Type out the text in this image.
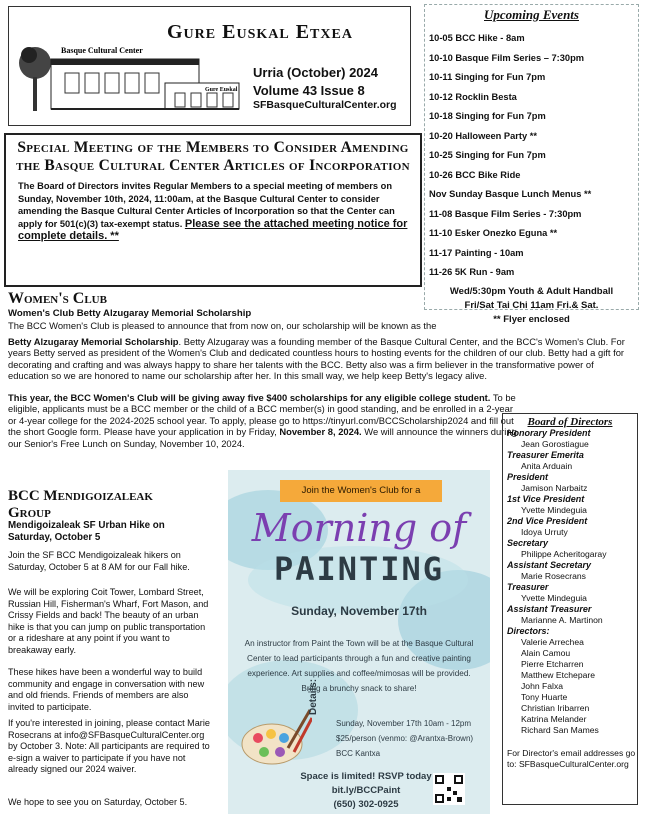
Basque Cultural Center
Gure Euskal
Gure Euskal Etxea
Urria (October) 2024
Volume 43 Issue 8
SFBasqueCulturalCenter.org
Upcoming Events
10-05 BCC Hike - 8am
10-10 Basque Film Series – 7:30pm
10-11 Singing for Fun 7pm
10-12 Rocklin Besta
10-18 Singing for Fun 7pm
10-20 Halloween Party **
10-25 Singing for Fun 7pm
10-26 BCC Bike Ride
Nov Sunday Basque Lunch Menus **
11-08 Basque Film Series - 7:30pm
11-10 Esker Onezko Eguna **
11-17 Painting - 10am
11-26 5K Run - 9am
Wed/5:30pm Youth & Adult Handball
Fri/Sat Tai Chi 11am Fri.& Sat.
** Flyer enclosed
Special Meeting of the Members to Consider Amending the Basque Cultural Center Articles of Incorporation
The Board of Directors invites Regular Members to a special meeting of members on Sunday, November 10th, 2024, 11:00am, at the Basque Cultural Center to consider amending the Basque Cultural Center Articles of Incorporation so that the Center can apply for 501(c)(3) tax-exempt status. Please see the attached meeting notice for complete details. **
Women's Club
Women's Club Betty Alzugaray Memorial Scholarship
The BCC Women's Club is pleased to announce that from now on, our scholarship will be known as the
Betty Alzugaray Memorial Scholarship. Betty Alzugaray was a founding member of the Basque Cultural Center, and the BCC's Women's Club. For years Betty served as president of the Women's Club and dedicated countless hours to hosting events for the children of our club. Betty had a gift for decorating and crafting and was always happy to share her talents with the BCC. Betty also was a firm believer in the transformative power of education so we are honored to name our scholarship after her. In this small way, we help keep Betty's legacy alive.
This year, the BCC Women's Club will be giving away five $400 scholarships for any eligible college student. To be eligible, applicants must be a BCC member or the child of a BCC member(s) in good standing, and be enrolled in a 2-year or 4-year college for the 2024-2025 school year. To apply, please go to https://tinyurl.com/BCCScholarship2024 and fill out the short Google form. Please have your application in by Friday, November 8, 2024. We will announce the winners during our Senior's Free Lunch on Sunday, November 10, 2024.
Board of Directors
Honorary President
Jean Gorostiague
Treasurer Emerita
Anita Arduain
President
Jamison Narbaitz
1st Vice President
Yvette Mindeguia
2nd Vice President
Idoya Urruty
Secretary
Philippe Acheritogaray
Assistant Secretary
Marie Rosecrans
Treasurer
Yvette Mindeguia
Assistant Treasurer
Marianne A. Martinon
Directors:
Valerie Arrechea
Alain Camou
Pierre Etcharren
Matthew Etchepare
John Falxa
Tony Huarte
Christian Iribarren
Katrina Melander
Richard San Mames
For Director's email addresses go to: SFBasqueCulturalCenter.org
BCC Mendigoizaleak
Group
Mendigoizaleak SF Urban Hike on Saturday, October 5
Join the SF BCC Mendigoizaleak hikers on Saturday, October 5 at 8 AM for our Fall hike.
We will be exploring Coit Tower, Lombard Street, Russian Hill, Fisherman's Wharf, Fort Mason, and Crissy Fields and back! The beauty of an urban hike is that you can jump on public transportation or a rideshare at any point if you want to breakaway early.
These hikes have been a wonderful way to build community and engage in conversation with new and old friends. Friends of members are also invited to participate.
If you're interested in joining, please contact Marie Rosecrans at info@SFBasqueCulturalCenter.org by October 3. Note: All participants are required to e-sign a waiver to participate if you have not already signed our 2024 waiver.
We hope to see you on Saturday, October 5.
Join the Women's Club for a
Morning of
PAINTING
Sunday, November 17th
An instructor from Paint the Town will be at the Basque Cultural Center to lead participants through a fun and creative painting experience. Art supplies and coffee/mimosas will be provided. Bring a brunchy snack to share!
Details:
Sunday, November 17th 10am - 12pm
$25/person (venmo: @Arantxa-Brown)
BCC Kantxa
Space is limited! RSVP today
bit.ly/BCCPaint
(650) 302-0925
